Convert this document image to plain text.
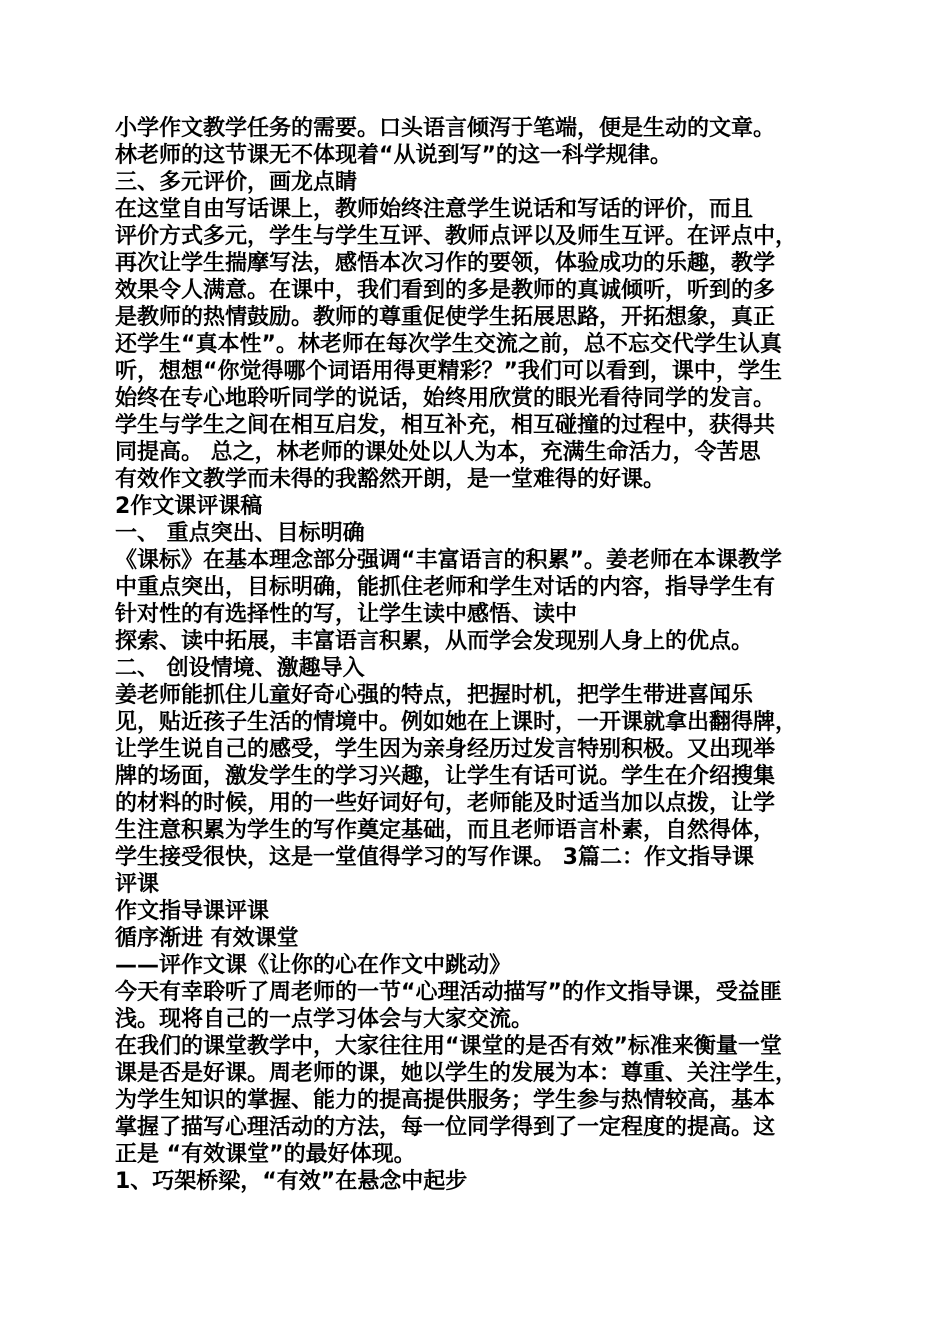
小学作文教学任务的需要。口头语言倾泻于笔端，便是生动的文章。
林老师的这节课无不体现着“从说到写”的这一科学规律。
三、多元评价，画龙点睛
在这堂自由写话课上，教师始终注意学生说话和写话的评价，而且
评价方式多元，学生与学生互评、教师点评以及师生互评。在评点中，
再次让学生揣摩写法，感悟本次习作的要领，体验成功的乐趣，教学
效果令人满意。在课中，我们看到的多是教师的真诚倾听，听到的多
是教师的热情鼓励。教师的尊重促使学生拓展思路，开拓想象，真正
还学生“真本性”。林老师在每次学生交流之前，总不忘交代学生认真
听，想想“你觉得哪个词语用得更精彩？”我们可以看到，课中，学生
始终在专心地聆听同学的说话，始终用欣赏的眼光看待同学的发言。
学生与学生之间在相互启发，相互补充，相互碰撞的过程中，获得共
同提高。 总之，林老师的课处处以人为本，充满生命活力，令苦思
有效作文教学而未得的我豁然开朗，是一堂难得的好课。
2作文课评课稿
一、 重点突出、目标明确
《课标》在基本理念部分强调“丰富语言的积累”。姜老师在本课教学
中重点突出，目标明确，能抓住老师和学生对话的内容，指导学生有
针对性的有选择性的写，让学生读中感悟、读中
探索、读中拓展，丰富语言积累，从而学会发现别人身上的优点。
二、 创设情境、激趣导入
姜老师能抓住儿童好奇心强的特点，把握时机，把学生带进喜闻乐
见，贴近孩子生活的情境中。例如她在上课时，一开课就拿出翻得牌，
让学生说自己的感受，学生因为亲身经历过发言特别积极。又出现举
牌的场面，激发学生的学习兴趣，让学生有话可说。学生在介绍搜集
的材料的时候，用的一些好词好句，老师能及时适当加以点拨，让学
生注意积累为学生的写作奠定基础，而且老师语言朴素，自然得体，
学生接受很快，这是一堂值得学习的写作课。 3篇二：作文指导课
评课
作文指导课评课
循序渐进 有效课堂
——评作文课《让你的心在作文中跳动》
今天有幸聆听了周老师的一节“心理活动描写”的作文指导课，受益匪
浅。现将自己的一点学习体会与大家交流。
在我们的课堂教学中，大家往往用“课堂的是否有效”标准来衡量一堂
课是否是好课。周老师的课，她以学生的发展为本：尊重、关注学生，
为学生知识的掌握、能力的提高提供服务；学生参与热情较高，基本
掌握了描写心理活动的方法，每一位同学得到了一定程度的提高。这
正是 “有效课堂”的最好体现。
1、巧架桥梁，“有效”在悬念中起步
